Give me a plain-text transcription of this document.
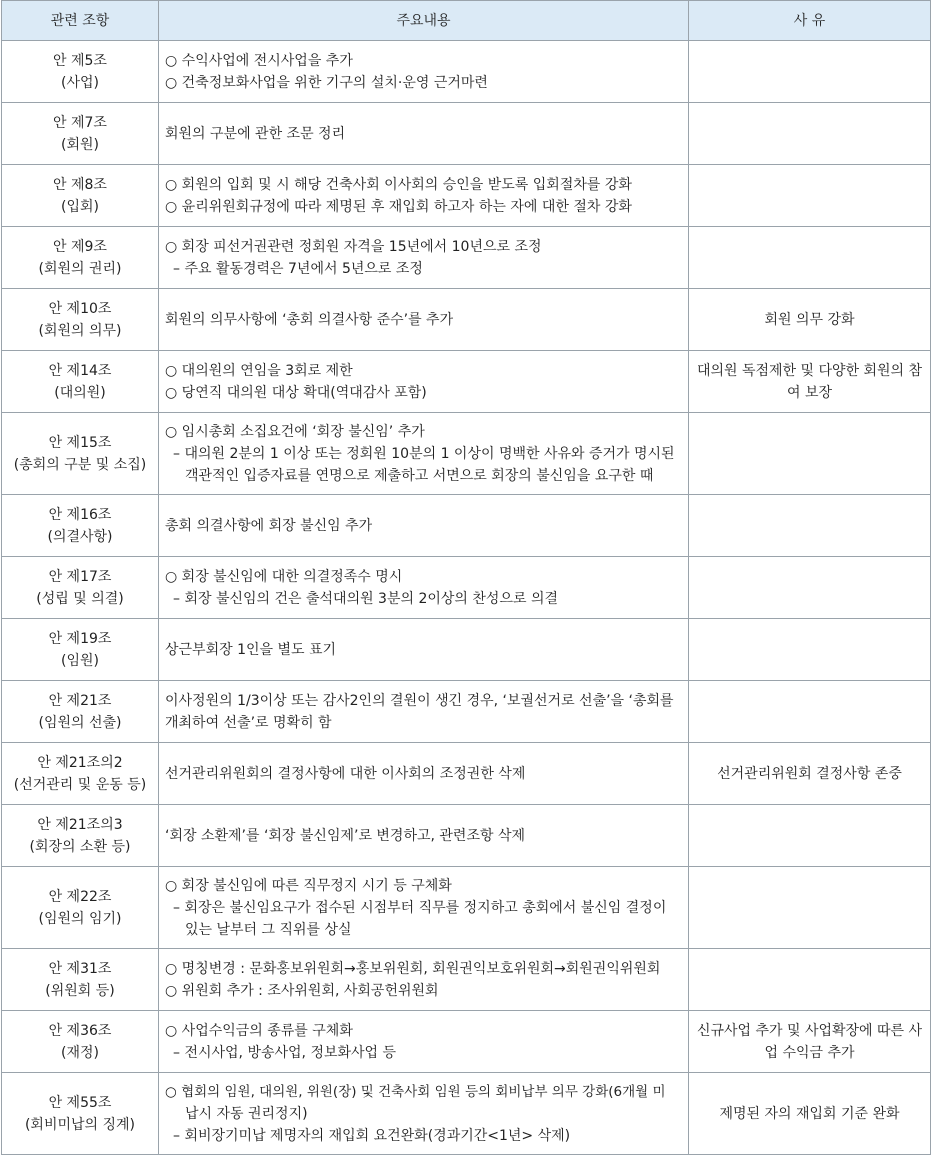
관련 조항	주요내용	사 유

안 제5조
(사업)	○ 수익사업에 전시사업을 추가
○ 건축정보화사업을 위한 기구의 설치·운영 근거마련	

안 제7조
(회원)	회원의 구분에 관한 조문 정리	

안 제8조
(입회)	○ 회원의 입회 및 시 해당 건축사회 이사회의 승인을 받도록 입회절차를 강화
○ 윤리위원회규정에 따라 제명된 후 재입회 하고자 하는 자에 대한 절차 강화	

안 제9조
(회원의 권리)	○ 회장 피선거권관련 정회원 자격을 15년에서 10년으로 조정
– 주요 활동경력은 7년에서 5년으로 조정	

안 제10조
(회원의 의무)	회원의 의무사항에 ‘총회 의결사항 준수’를 추가	회원 의무 강화

안 제14조
(대의원)	○ 대의원의 연임을 3회로 제한
○ 당연직 대의원 대상 확대(역대감사 포함)	대의원 독점제한 및 다양한 회원의 참여 보장

안 제15조
(총회의 구분 및 소집)	○ 임시총회 소집요건에 ‘회장 불신임’ 추가
– 대의원 2분의 1 이상 또는 정회원 10분의 1 이상이 명백한 사유와 증거가 명시된
객관적인 입증자료를 연명으로 제출하고 서면으로 회장의 불신임을 요구한 때	

안 제16조
(의결사항)	총회 의결사항에 회장 불신임 추가	

안 제17조
(성립 및 의결)	○ 회장 불신임에 대한 의결정족수 명시
– 회장 불신임의 건은 출석대의원 3분의 2이상의 찬성으로 의결	

안 제19조
(임원)	상근부회장 1인을 별도 표기	

안 제21조
(임원의 선출)	이사정원의 1/3이상 또는 감사2인의 결원이 생긴 경우, ‘보궐선거로 선출’을 ‘총회를
개최하여 선출’로 명확히 함	

안 제21조의2
(선거관리 및 운동 등)	선거관리위원회의 결정사항에 대한 이사회의 조정권한 삭제	선거관리위원회 결정사항 존중

안 제21조의3
(회장의 소환 등)	‘회장 소환제’를 ‘회장 불신임제’로 변경하고, 관련조항 삭제	

안 제22조
(임원의 임기)	○ 회장 불신임에 따른 직무정지 시기 등 구체화
– 회장은 불신임요구가 접수된 시점부터 직무를 정지하고 총회에서 불신임 결정이
있는 날부터 그 직위를 상실	

안 제31조
(위원회 등)	○ 명칭변경 : 문화홍보위원회→홍보위원회, 회원권익보호위원회→회원권익위원회
○ 위원회 추가 : 조사위원회, 사회공헌위원회	

안 제36조
(재정)	○ 사업수익금의 종류를 구체화
– 전시사업, 방송사업, 정보화사업 등	신규사업 추가 및 사업확장에 따른 사업 수익금 추가

안 제55조
(회비미납의 징계)	○ 협회의 임원, 대의원, 위원(장) 및 건축사회 임원 등의 회비납부 의무 강화(6개월 미
납시 자동 권리정지)
– 회비장기미납 제명자의 재입회 요건완화(경과기간<1년> 삭제)	제명된 자의 재입회 기준 완화
